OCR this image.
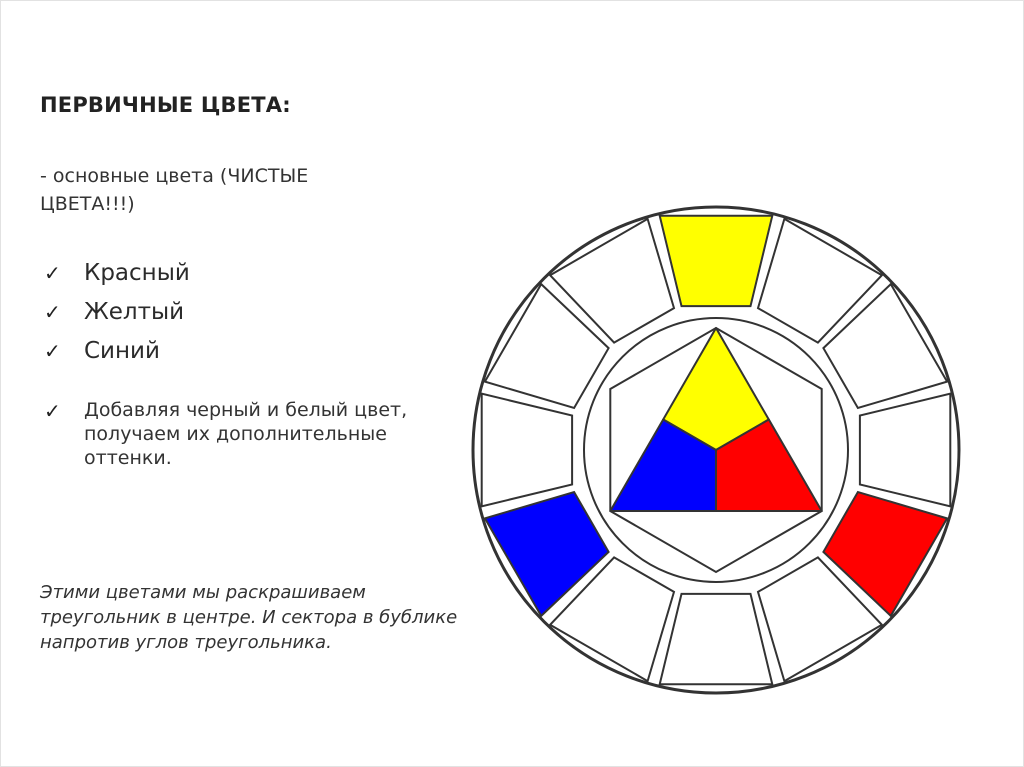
ПЕРВИЧНЫЕ ЦВЕТА:
- основные цвета (ЧИСТЫЕ ЦВЕТА!!!)
✓	Красный
✓	Желтый
✓	Синий
✓	Добавляя черный и белый цвет, получаем их дополнительные оттенки.
Этими цветами мы раскрашиваем треугольник в центре. И сектора в бублике напротив углов треугольника.
